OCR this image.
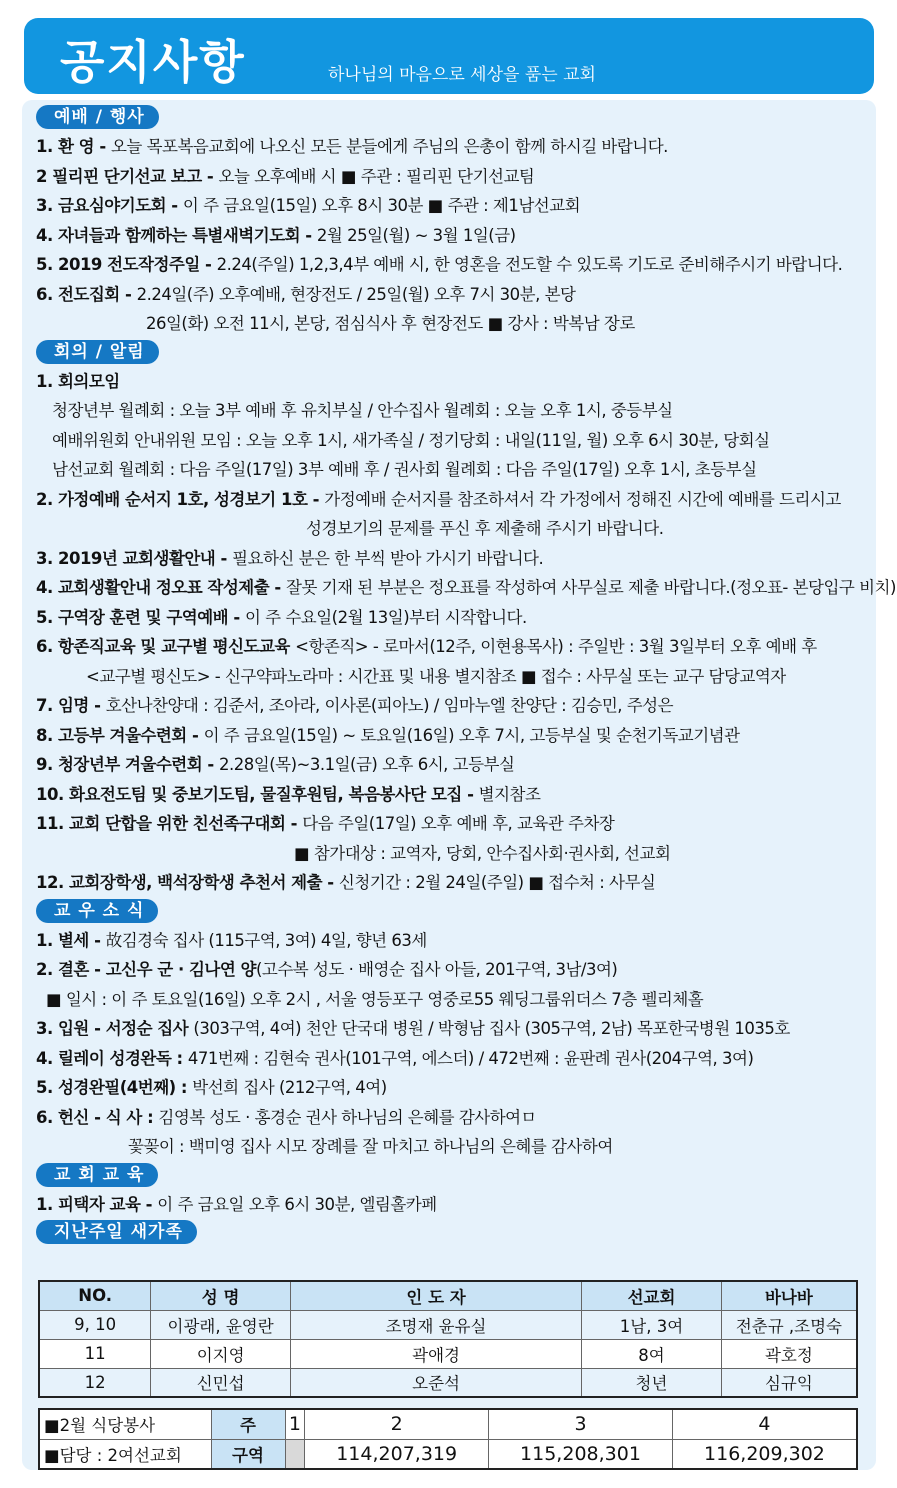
공지사항	하나님의 마음으로 세상을 품는 교회
예배 / 행사
1. 환 영 - 오늘 목포복음교회에 나오신 모든 분들에게 주님의 은총이 함께 하시길 바랍니다.
2 필리핀 단기선교 보고 - 오늘 오후예배 시 ■ 주관 : 필리핀 단기선교팀
3. 금요심야기도회 - 이 주 금요일(15일) 오후 8시 30분 ■ 주관 : 제1남선교회
4. 자녀들과 함께하는 특별새벽기도회 - 2월 25일(월) ~ 3월 1일(금)
5. 2019 전도작정주일 - 2.24(주일) 1,2,3,4부 예배 시, 한 영혼을 전도할 수 있도록 기도로 준비해주시기 바랍니다.
6. 전도집회 - 2.24일(주) 오후예배, 현장전도 / 25일(월) 오후 7시 30분, 본당
26일(화) 오전 11시, 본당, 점심식사 후 현장전도 ■ 강사 : 박복남 장로
회의 / 알림
1. 회의모임
청장년부 월례회 : 오늘 3부 예배 후 유치부실 / 안수집사 월례회 : 오늘 오후 1시, 중등부실
예배위원회 안내위원 모임 : 오늘 오후 1시, 새가족실 / 정기당회 : 내일(11일, 월) 오후 6시 30분, 당회실
남선교회 월례회 : 다음 주일(17일) 3부 예배 후 / 권사회 월례회 : 다음 주일(17일) 오후 1시, 초등부실
2. 가정예배 순서지 1호, 성경보기 1호 - 가정예배 순서지를 참조하셔서 각 가정에서 정해진 시간에 예배를 드리시고
성경보기의 문제를 푸신 후 제출해 주시기 바랍니다.
3. 2019년 교회생활안내 - 필요하신 분은 한 부씩 받아 가시기 바랍니다.
4. 교회생활안내 정오표 작성제출 - 잘못 기재 된 부분은 정오표를 작성하여 사무실로 제출 바랍니다.(정오표- 본당입구 비치)
5. 구역장 훈련 및 구역예배 - 이 주 수요일(2월 13일)부터 시작합니다.
6. 항존직교육 및 교구별 평신도교육 <항존직> - 로마서(12주, 이현용목사) : 주일반 : 3월 3일부터 오후 예배 후
<교구별 평신도> - 신구약파노라마 : 시간표 및 내용 별지참조 ■ 접수 : 사무실 또는 교구 담당교역자
7. 임명 - 호산나찬양대 : 김준서, 조아라, 이사론(피아노) / 임마누엘 찬양단 : 김승민, 주성은
8. 고등부 겨울수련회 - 이 주 금요일(15일) ~ 토요일(16일) 오후 7시, 고등부실 및 순천기독교기념관
9. 청장년부 겨울수련회 - 2.28일(목)~3.1일(금) 오후 6시, 고등부실
10. 화요전도팀 및 중보기도팀, 물질후원팀, 복음봉사단 모집 - 별지참조
11. 교회 단합을 위한 친선족구대회 - 다음 주일(17일) 오후 예배 후, 교육관 주차장
■ 참가대상 : 교역자, 당회, 안수집사회·권사회, 선교회
12. 교회장학생, 백석장학생 추천서 제출 - 신청기간 : 2월 24일(주일) ■ 접수처 : 사무실
교 우 소 식
1. 별세 - 故김경숙 집사 (115구역, 3여) 4일, 향년 63세
2. 결혼 - 고신우 군 · 김나연 양(고수복 성도 · 배영순 집사 아들, 201구역, 3남/3여)
■ 일시 : 이 주 토요일(16일) 오후 2시 , 서울 영등포구 영중로55 웨딩그룹위더스 7층 펠리체홀
3. 입원 - 서정순 집사 (303구역, 4여) 천안 단국대 병원 / 박형남 집사 (305구역, 2남) 목포한국병원 1035호
4. 릴레이 성경완독 : 471번째 : 김현숙 권사(101구역, 에스더) / 472번째 : 윤판례 권사(204구역, 3여)
5. 성경완필(4번째) : 박선희 집사 (212구역, 4여)
6. 헌신 - 식 사 : 김영복 성도 · 홍경순 권사 하나님의 은혜를 감사하여ㅁ
꽃꽂이 : 백미영 집사 시모 장례를 잘 마치고 하나님의 은혜를 감사하여
교 회 교 육
1. 피택자 교육 - 이 주 금요일 오후 6시 30분, 엘림홀카페
지난주일 새가족
NO.	성 명	인 도 자	선교회	바나바
9, 10	이광래, 윤영란	조명재 윤유실	1남, 3여	전춘규 ,조명숙
11	이지영	곽애경	8여	곽호정
12	신민섭	오준석	청년	심규익
■2월 식당봉사	주	1	2	3	4
■담당 : 2여선교회	구역		114,207,319	115,208,301	116,209,302
